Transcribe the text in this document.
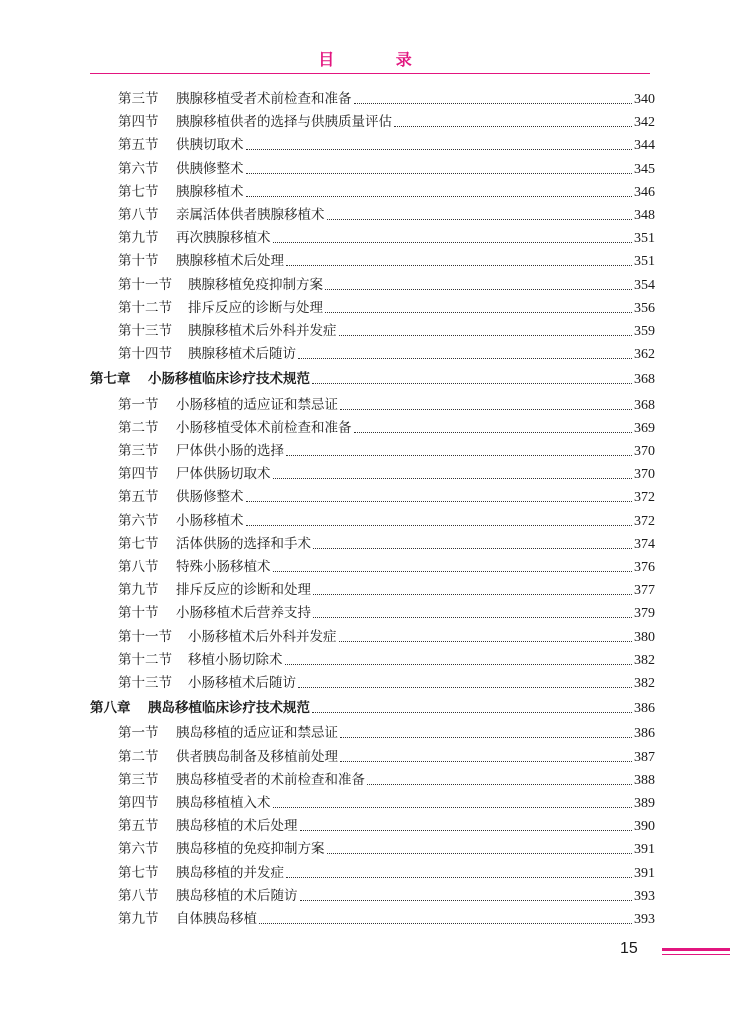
目 录
第三节	胰腺移植受者术前检查和准备	340
第四节	胰腺移植供者的选择与供胰质量评估	342
第五节	供胰切取术	344
第六节	供胰修整术	345
第七节	胰腺移植术	346
第八节	亲属活体供者胰腺移植术	348
第九节	再次胰腺移植术	351
第十节	胰腺移植术后处理	351
第十一节	胰腺移植免疫抑制方案	354
第十二节	排斥反应的诊断与处理	356
第十三节	胰腺移植术后外科并发症	359
第十四节	胰腺移植术后随访	362
第七章	小肠移植临床诊疗技术规范	368
第一节	小肠移植的适应证和禁忌证	368
第二节	小肠移植受体术前检查和准备	369
第三节	尸体供小肠的选择	370
第四节	尸体供肠切取术	370
第五节	供肠修整术	372
第六节	小肠移植术	372
第七节	活体供肠的选择和手术	374
第八节	特殊小肠移植术	376
第九节	排斥反应的诊断和处理	377
第十节	小肠移植术后营养支持	379
第十一节	小肠移植术后外科并发症	380
第十二节	移植小肠切除术	382
第十三节	小肠移植术后随访	382
第八章	胰岛移植临床诊疗技术规范	386
第一节	胰岛移植的适应证和禁忌证	386
第二节	供者胰岛制备及移植前处理	387
第三节	胰岛移植受者的术前检查和准备	388
第四节	胰岛移植植入术	389
第五节	胰岛移植的术后处理	390
第六节	胰岛移植的免疫抑制方案	391
第七节	胰岛移植的并发症	391
第八节	胰岛移植的术后随访	393
第九节	自体胰岛移植	393
15
